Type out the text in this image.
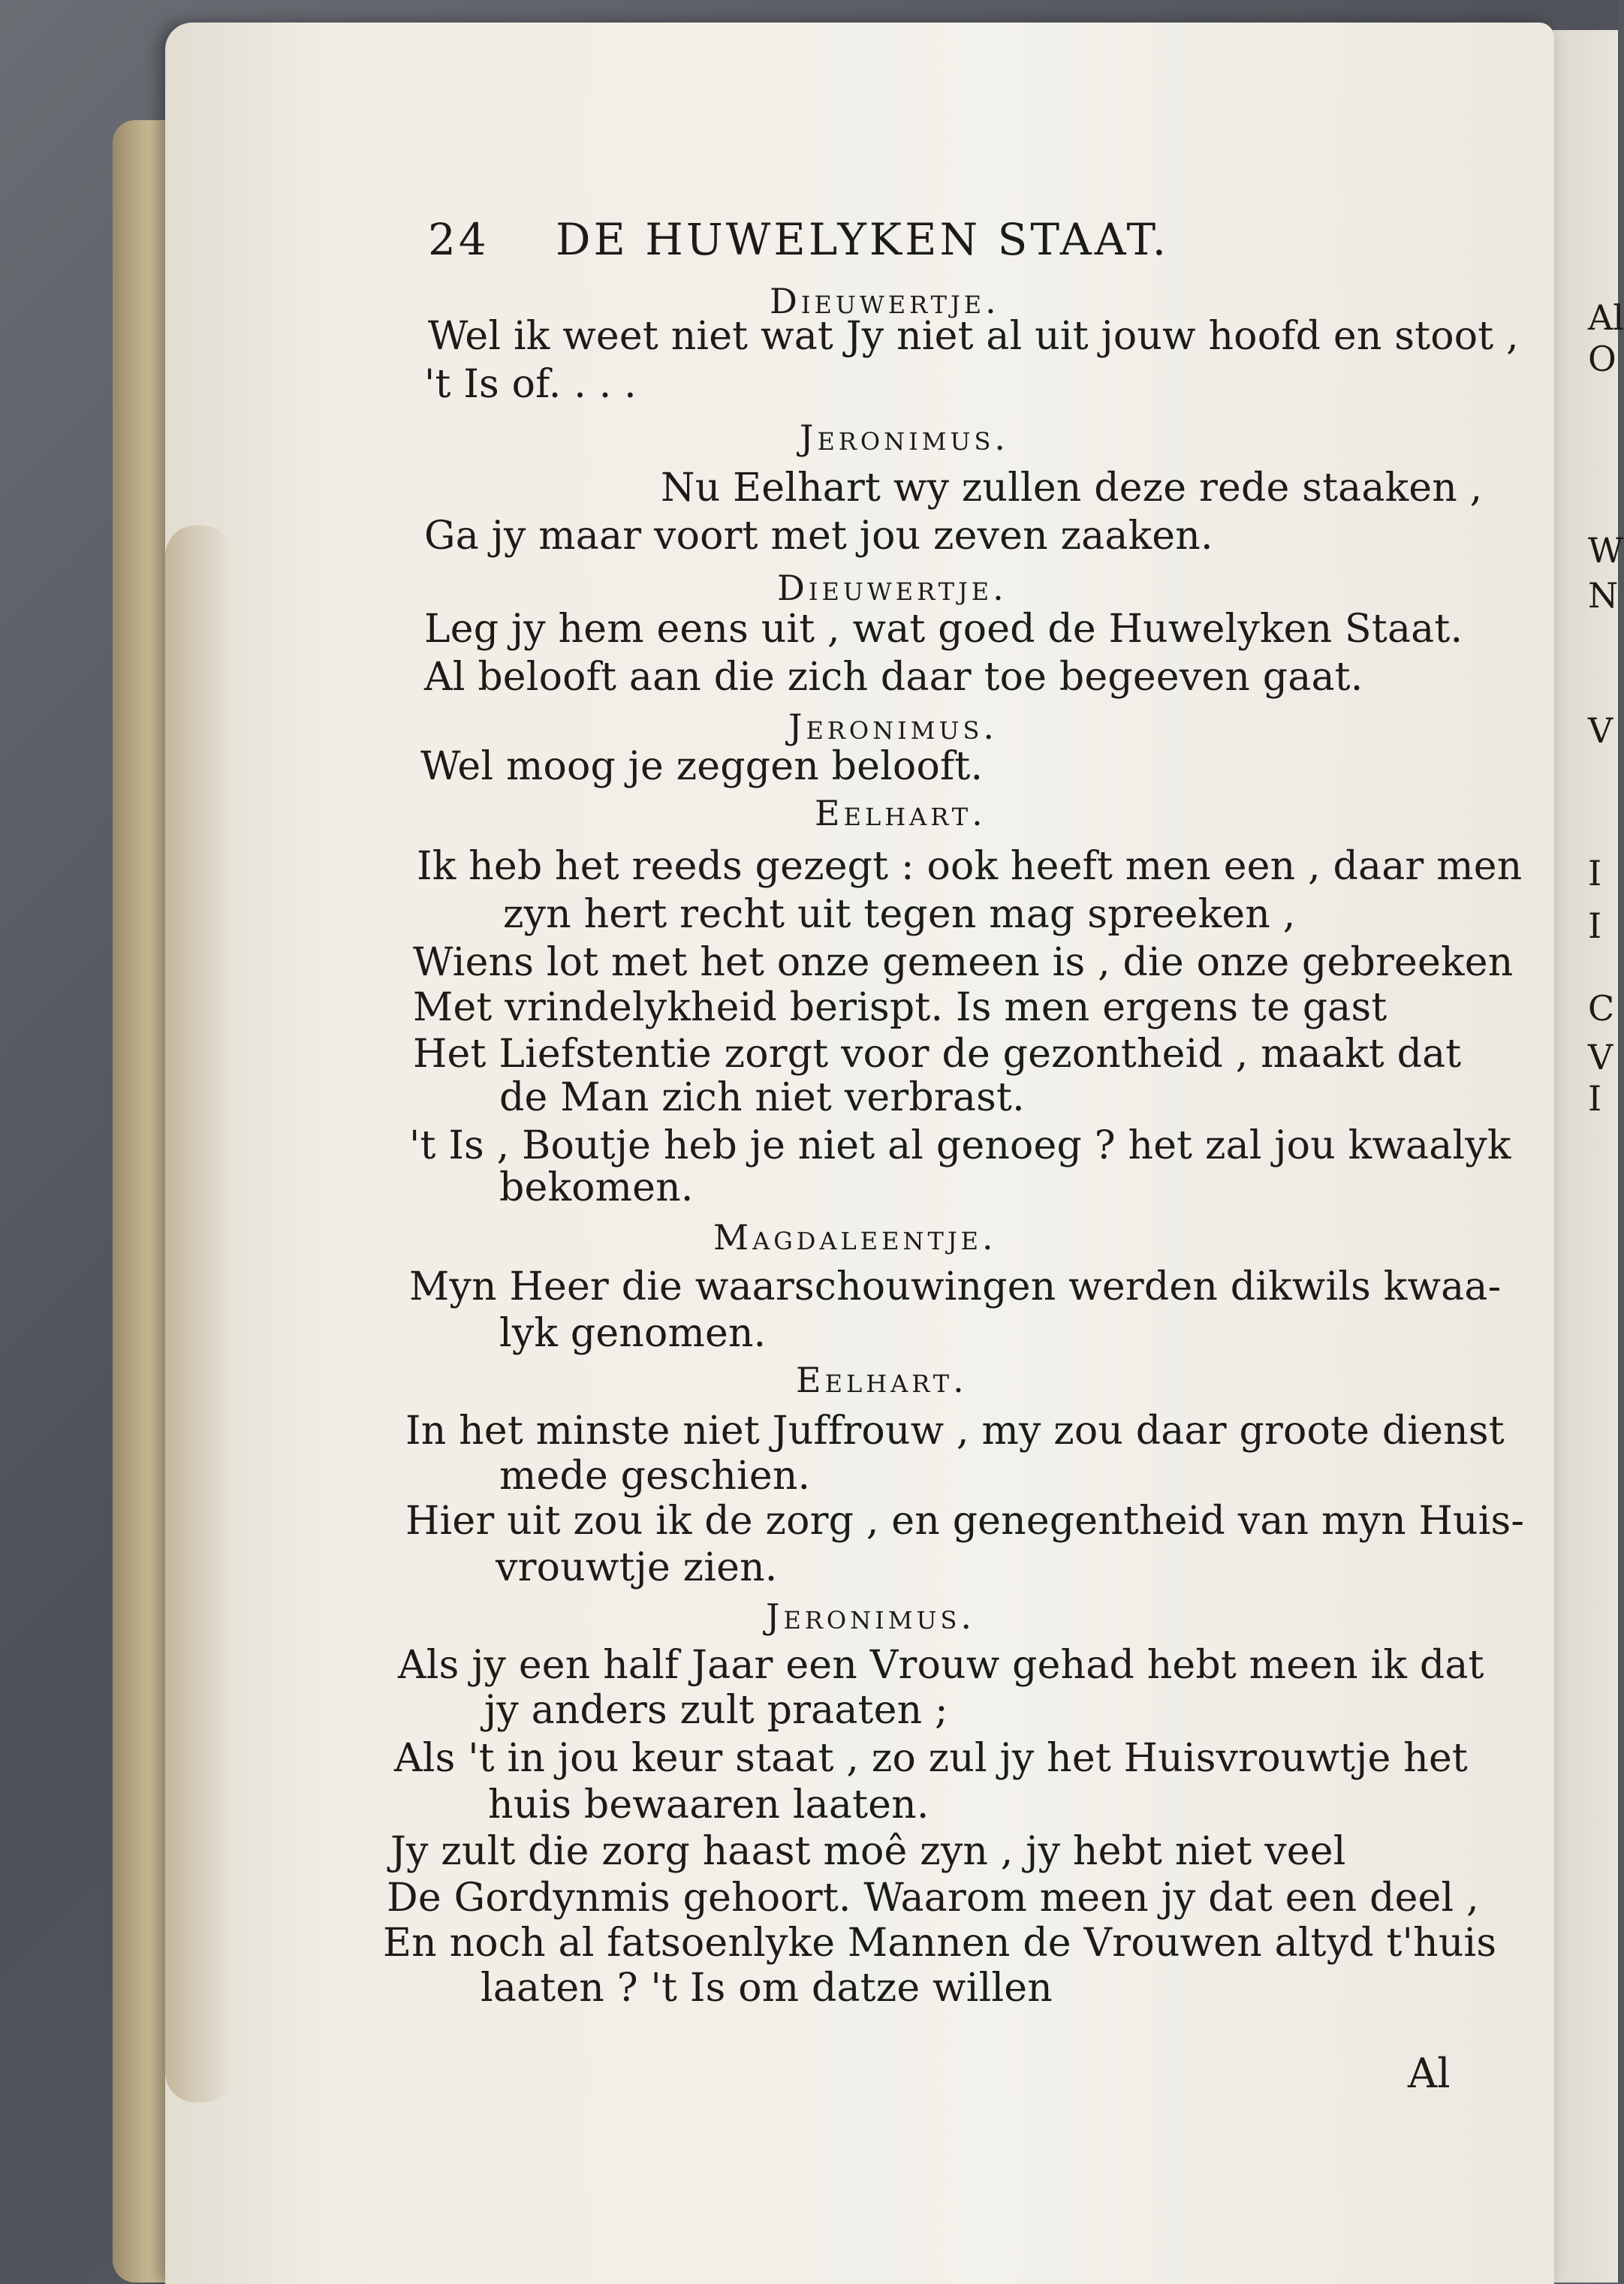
Al
O
W
N
V
I
I
C
V
I
24 DE HUWELYKEN STAAT.
Dieuwertje.
Wel ik weet niet wat Jy niet al uit jouw hoofd en stoot ,
't Is of. . . .
Jeronimus.
Nu Eelhart wy zullen deze rede staaken ,
Ga jy maar voort met jou zeven zaaken.
Dieuwertje.
Leg jy hem eens uit , wat goed de Huwelyken Staat.
Al belooft aan die zich daar toe begeeven gaat.
Jeronimus.
Wel moog je zeggen belooft.
Eelhart.
Ik heb het reeds gezegt : ook heeft men een , daar men
zyn hert recht uit tegen mag spreeken ,
Wiens lot met het onze gemeen is , die onze gebreeken
Met vrindelykheid berispt. Is men ergens te gast
Het Liefstentie zorgt voor de gezontheid , maakt dat
de Man zich niet verbrast.
't Is , Boutje heb je niet al genoeg ? het zal jou kwaalyk
bekomen.
Magdaleentje.
Myn Heer die waarschouwingen werden dikwils kwaa-
lyk genomen.
Eelhart.
In het minste niet Juffrouw , my zou daar groote dienst
mede geschien.
Hier uit zou ik de zorg , en genegentheid van myn Huis-
vrouwtje zien.
Jeronimus.
Als jy een half Jaar een Vrouw gehad hebt meen ik dat
jy anders zult praaten ;
Als 't in jou keur staat , zo zul jy het Huisvrouwtje het
huis bewaaren laaten.
Jy zult die zorg haast moê zyn , jy hebt niet veel
De Gordynmis gehoort. Waarom meen jy dat een deel ,
En noch al fatsoenlyke Mannen de Vrouwen altyd t'huis
laaten ? 't Is om datze willen
Al
